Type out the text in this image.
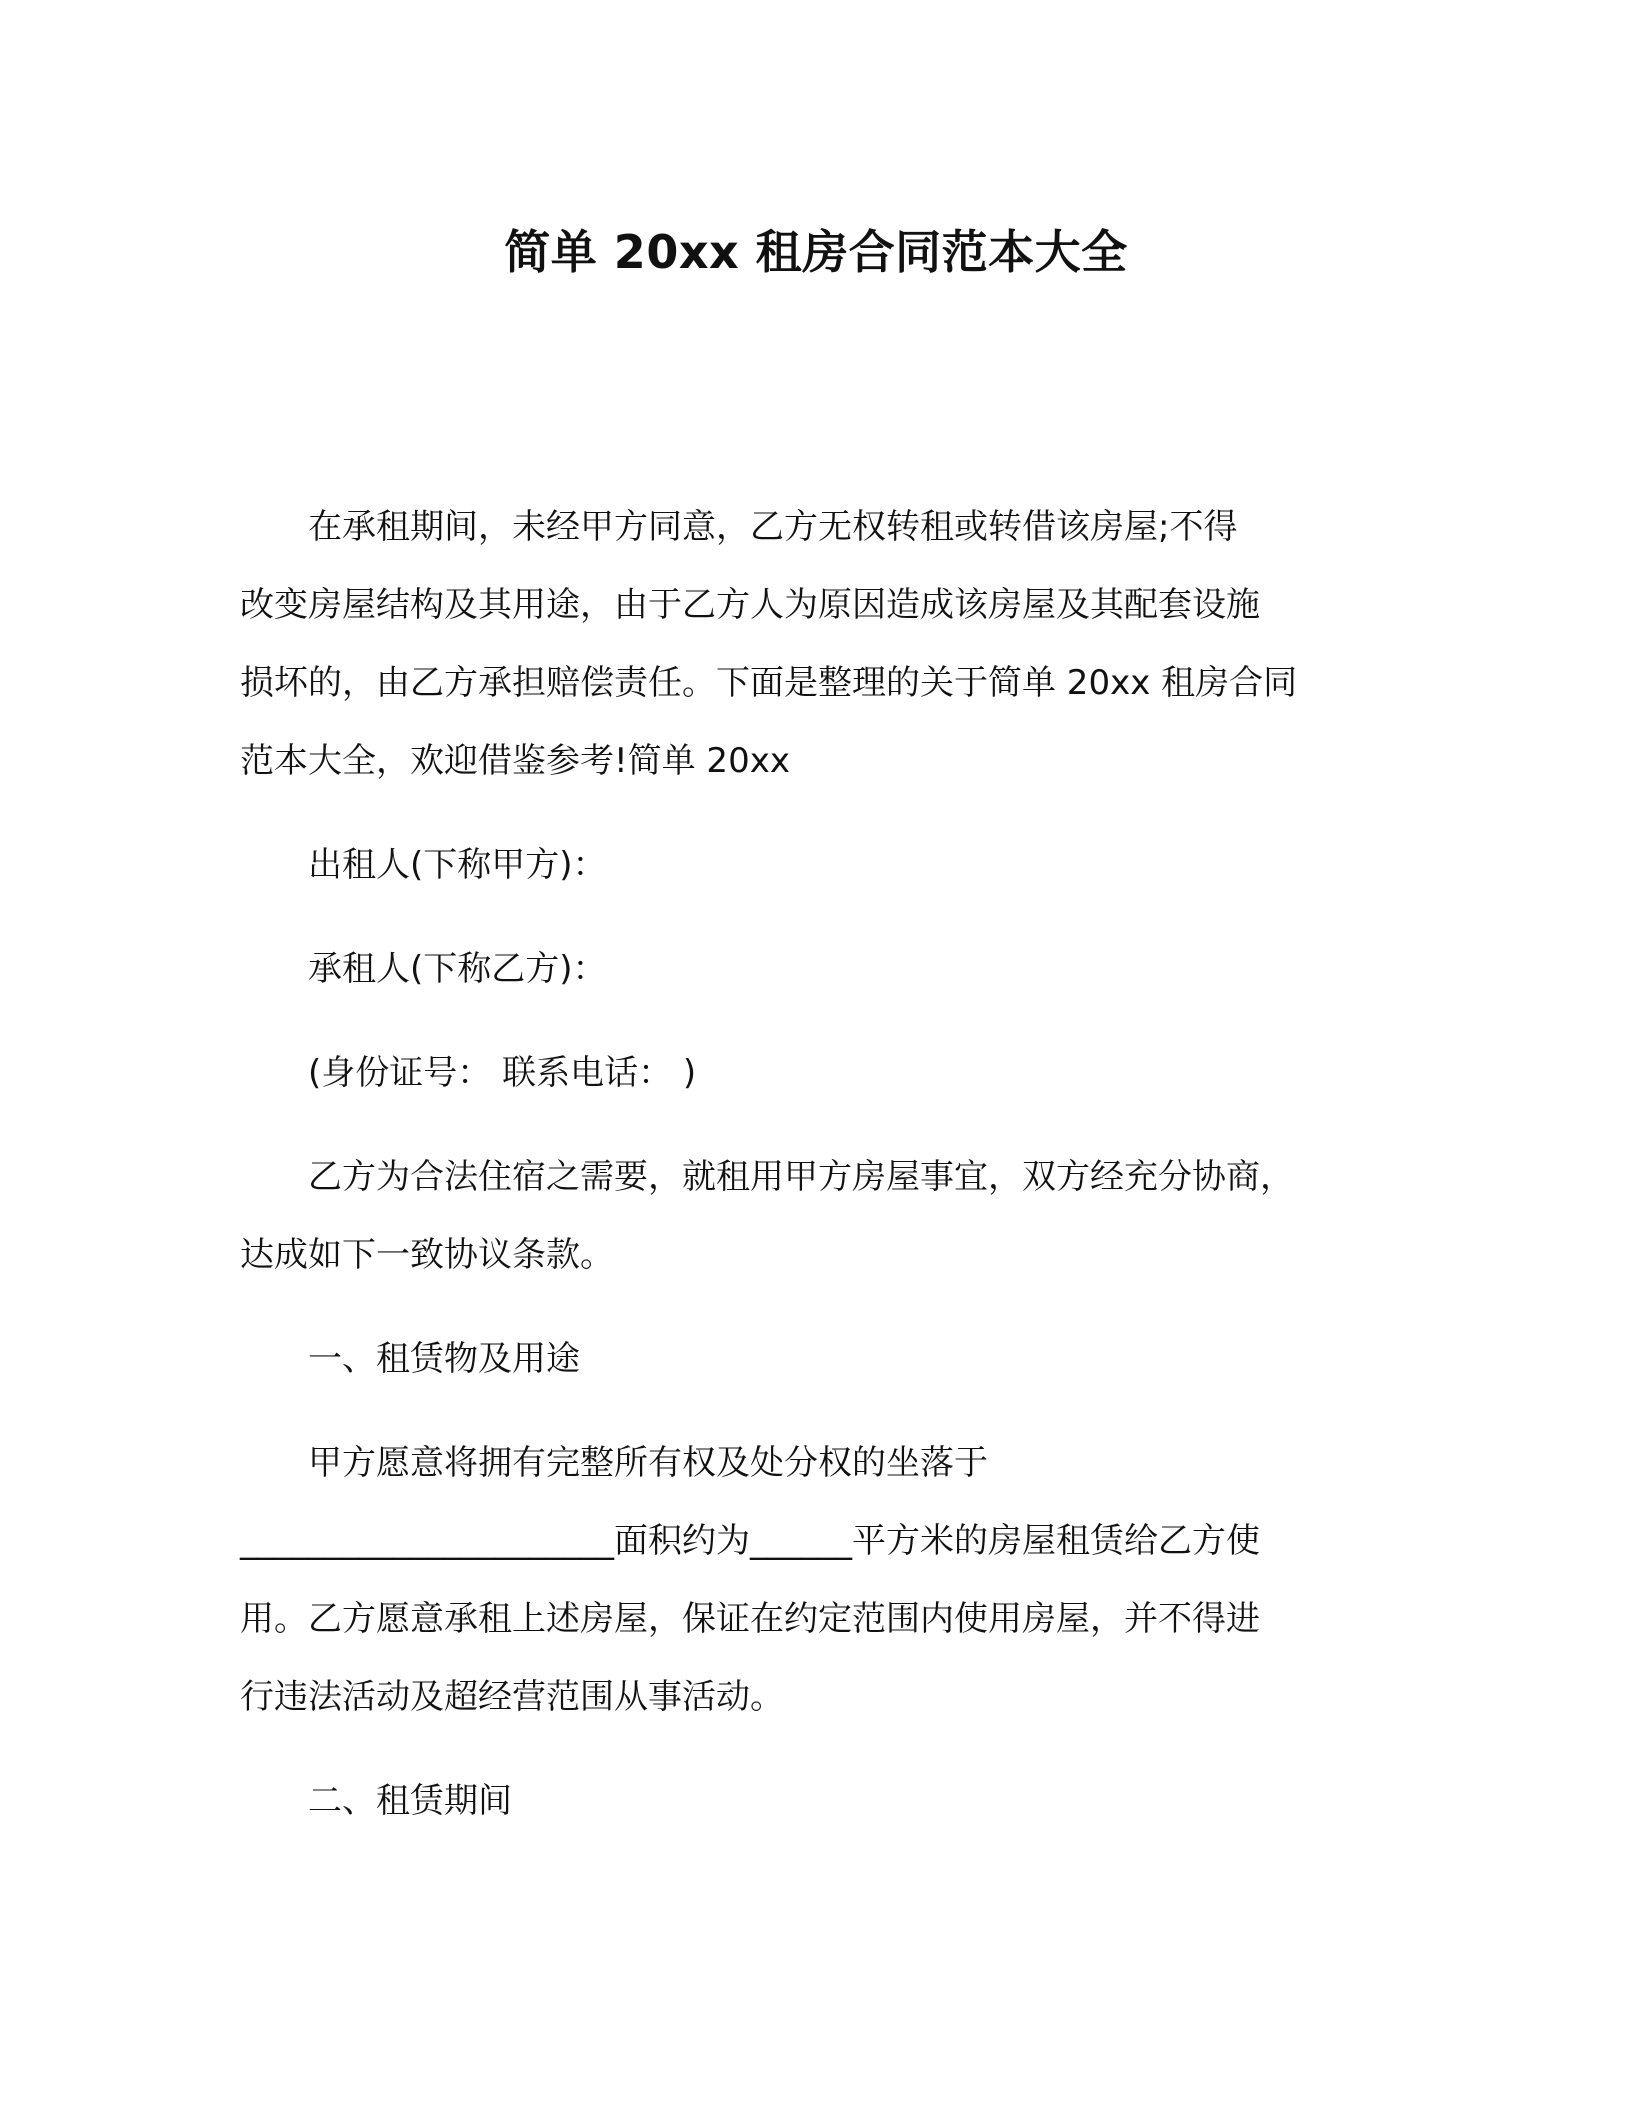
简单 20xx 租房合同范本大全
在承租期间，未经甲方同意，乙方无权转租或转借该房屋;不得
改变房屋结构及其用途，由于乙方人为原因造成该房屋及其配套设施
损坏的，由乙方承担赔偿责任。下面是整理的关于简单 20xx 租房合同
范本大全，欢迎借鉴参考!简单 20xx
出租人(下称甲方)：
承租人(下称乙方)：
(身份证号： 联系电话： )
乙方为合法住宿之需要，就租用甲方房屋事宜，双方经充分协商，
达成如下一致协议条款。
一、租赁物及用途
甲方愿意将拥有完整所有权及处分权的坐落于
______________________面积约为______平方米的房屋租赁给乙方使
用。乙方愿意承租上述房屋，保证在约定范围内使用房屋，并不得进
行违法活动及超经营范围从事活动。
二、租赁期间
